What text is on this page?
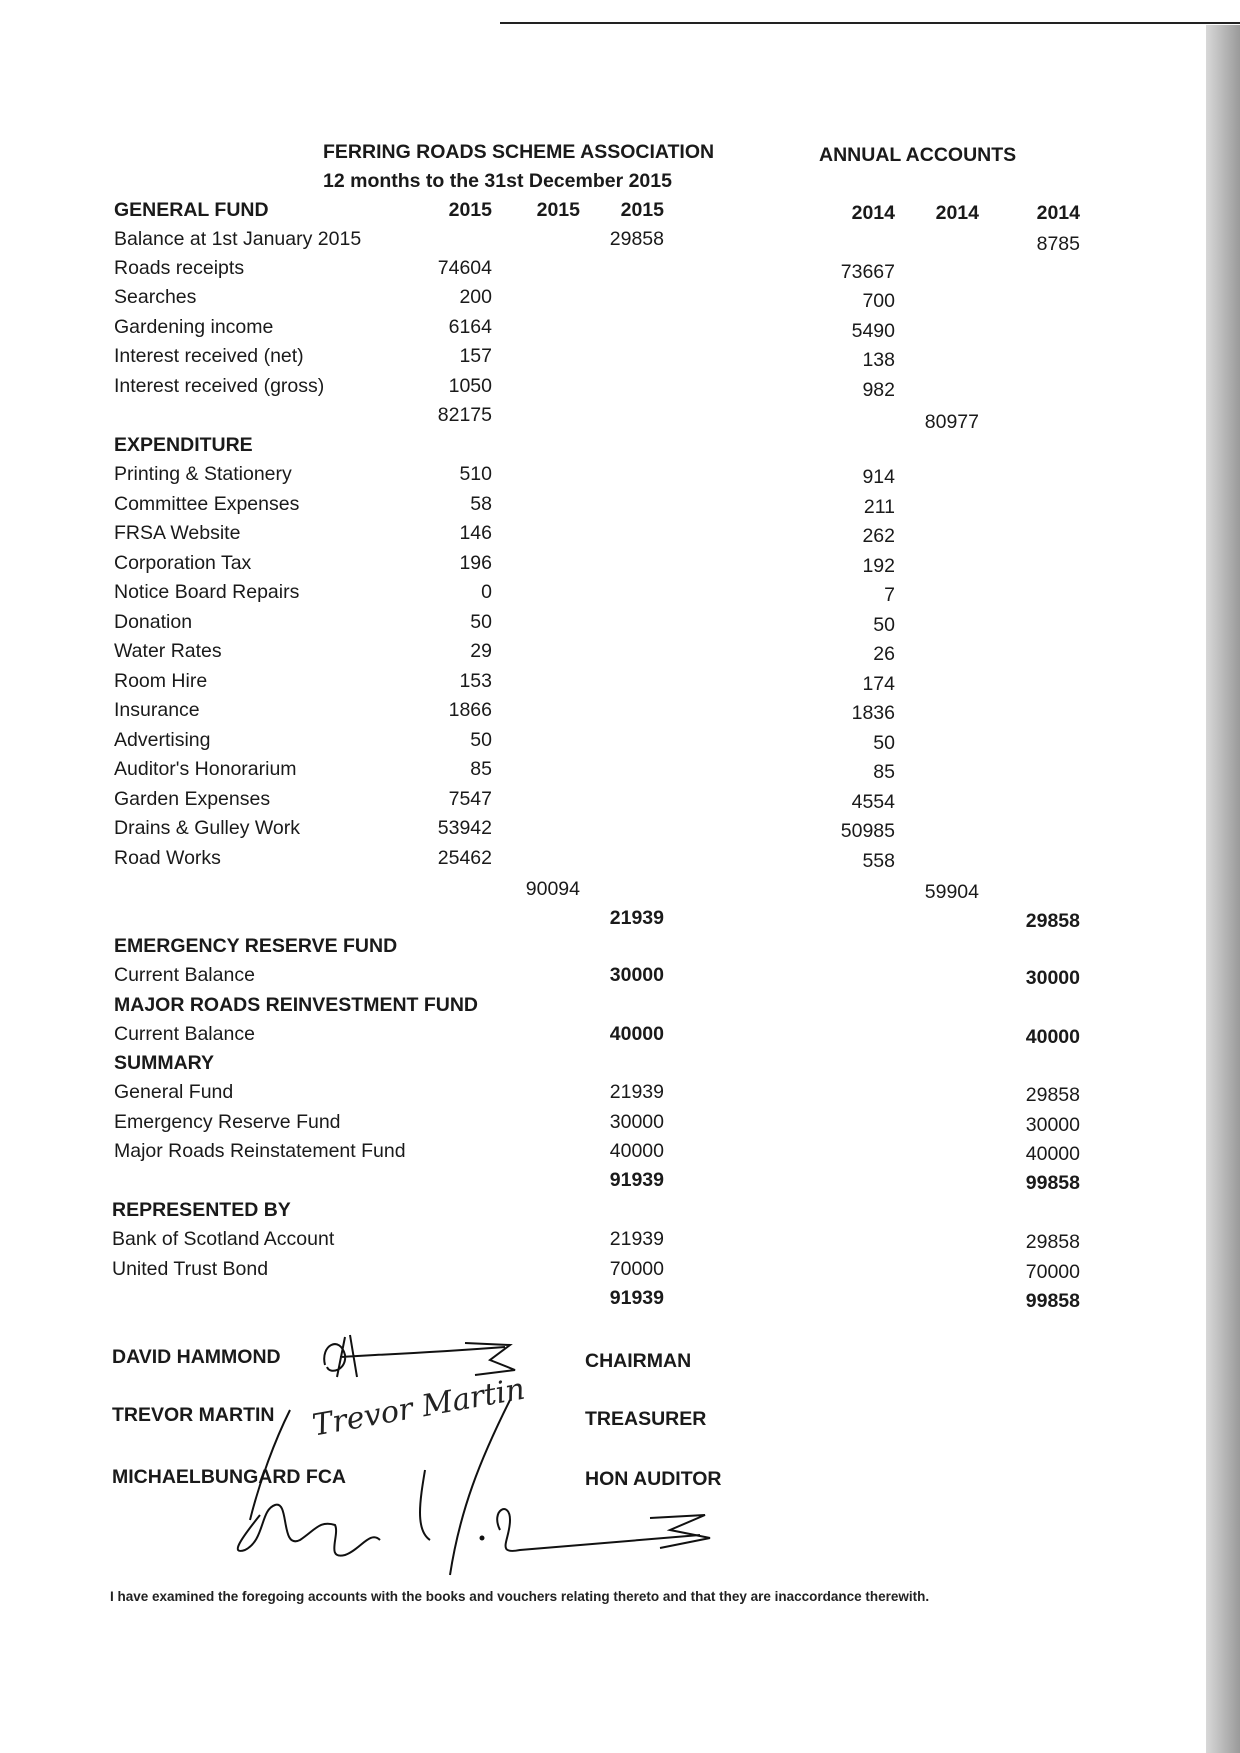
FERRING ROADS SCHEME ASSOCIATION
12 months to the 31st December 2015
ANNUAL ACCOUNTS
GENERAL FUND	2015	2015	2015	2014	2014	2014
Balance at 1st January 2015	29858	8785
Roads receipts	74604	73667
Searches	200	700
Gardening income	6164	5490
Interest received (net)	157	138
Interest received (gross)	1050	982
82175	80977
EXPENDITURE
Printing & Stationery	510	914
Committee Expenses	58	211
FRSA Website	146	262
Corporation Tax	196	192
Notice Board Repairs	0	7
Donation	50	50
Water Rates	29	26
Room Hire	153	174
Insurance	1866	1836
Advertising	50	50
Auditor's Honorarium	85	85
Garden Expenses	7547	4554
Drains & Gulley Work	53942	50985
Road Works	25462	558
90094	59904
21939	29858
EMERGENCY RESERVE FUND
Current Balance	30000	30000
MAJOR ROADS REINVESTMENT FUND
Current Balance	40000	40000
SUMMARY
General Fund	21939	29858
Emergency Reserve Fund	30000	30000
Major Roads Reinstatement Fund	40000	40000
91939	99858
REPRESENTED BY
Bank of Scotland Account	21939	29858
United Trust Bond	70000	70000
91939	99858
DAVID HAMMOND	CHAIRMAN
TREVOR MARTIN	TREASURER
MICHAELBUNGARD FCA	HON AUDITOR
Trevor Martin
I have examined the foregoing accounts with the books and vouchers relating thereto and that they are inaccordance therewith.
